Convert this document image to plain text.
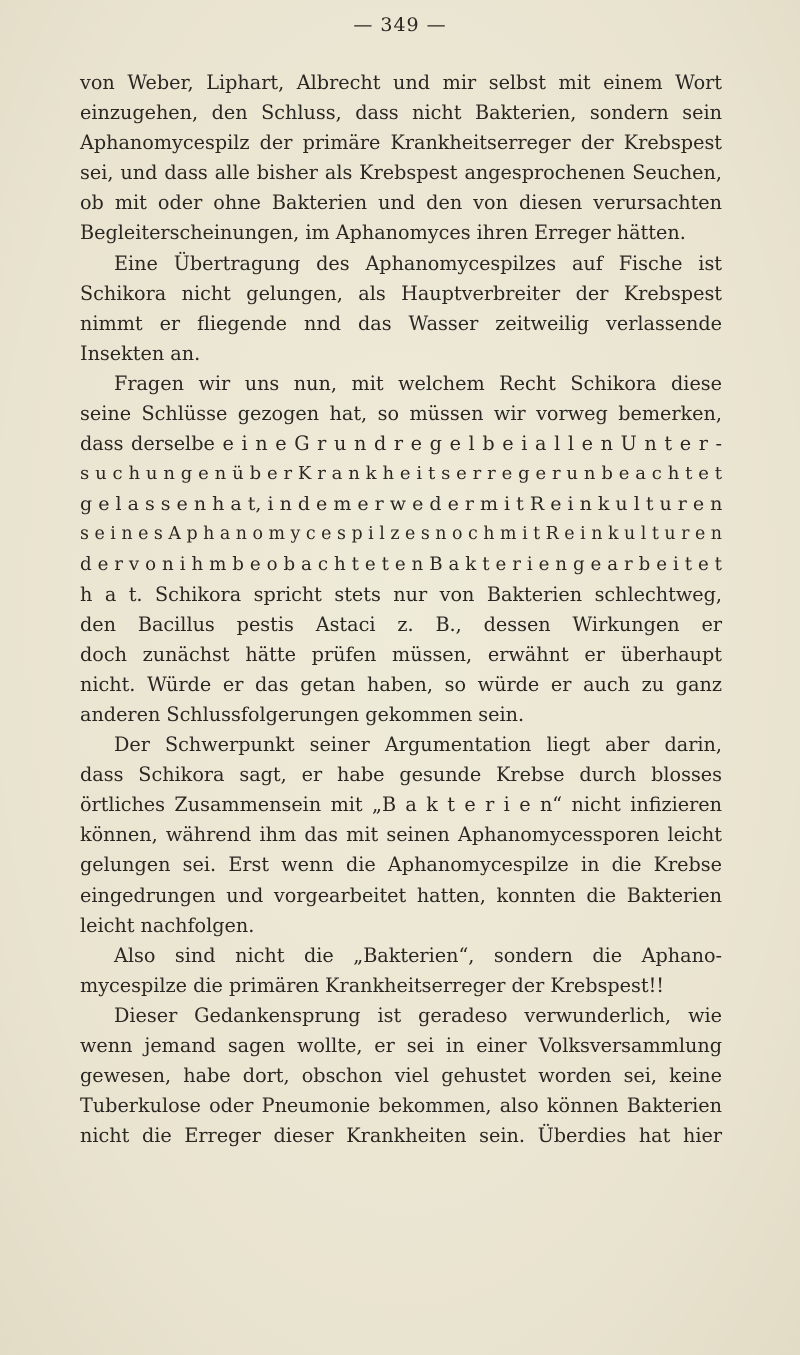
— 349 —
von Weber, Liphart, Albrecht und mir selbst mit einem Wort
einzugehen, den Schluss, dass nicht Bakterien, sondern sein
Aphanomycespilz der primäre Krankheitserreger der Krebspest
sei, und dass alle bisher als Krebspest angesprochenen Seuchen,
ob mit oder ohne Bakterien und den von diesen verursachten
Begleiterscheinungen, im Aphanomyces ihren Erreger hätten.
Eine Übertragung des Aphanomycespilzes auf Fische ist
Schikora nicht gelungen, als Hauptverbreiter der Krebspest
nimmt er fliegende nnd das Wasser zeitweilig verlassende
Insekten an.
Fragen wir uns nun, mit welchem Recht Schikora diese
seine Schlüsse gezogen hat, so müssen wir vorweg bemerken,
dass derselbe e i n e G r u n d r e g e l b e i a l l e n U n t e r -
s u c h u n g e n ü b e r K r a n k h e i t s e r r e g e r u n b e a c h t e t
g e l a s s e n h a t, i n d e m e r w e d e r m i t R e i n k u l t u r e n
s e i n e s A p h a n o m y c e s p i l z e s n o c h m i t R e i n k u l t u r e n
d e r v o n i h m b e o b a c h t e t e n B a k t e r i e n g e a r b e i t e t
h a t. Schikora spricht stets nur von Bakterien schlechtweg,
den Bacillus pestis Astaci z. B., dessen Wirkungen er
doch zunächst hätte prüfen müssen, erwähnt er überhaupt
nicht. Würde er das getan haben, so würde er auch zu ganz
anderen Schlussfolgerungen gekommen sein.
Der Schwerpunkt seiner Argumentation liegt aber darin,
dass Schikora sagt, er habe gesunde Krebse durch blosses
örtliches Zusammensein mit „B a k t e r i e n“ nicht infizieren
können, während ihm das mit seinen Aphanomycessporen leicht
gelungen sei. Erst wenn die Aphanomycespilze in die Krebse
eingedrungen und vorgearbeitet hatten, konnten die Bakterien
leicht nachfolgen.
Also sind nicht die „Bakterien“, sondern die Aphano-
mycespilze die primären Krankheitserreger der Krebspest!!
Dieser Gedankensprung ist geradeso verwunderlich, wie
wenn jemand sagen wollte, er sei in einer Volksversammlung
gewesen, habe dort, obschon viel gehustet worden sei, keine
Tuberkulose oder Pneumonie bekommen, also können Bakterien
nicht die Erreger dieser Krankheiten sein. Überdies hat hier
